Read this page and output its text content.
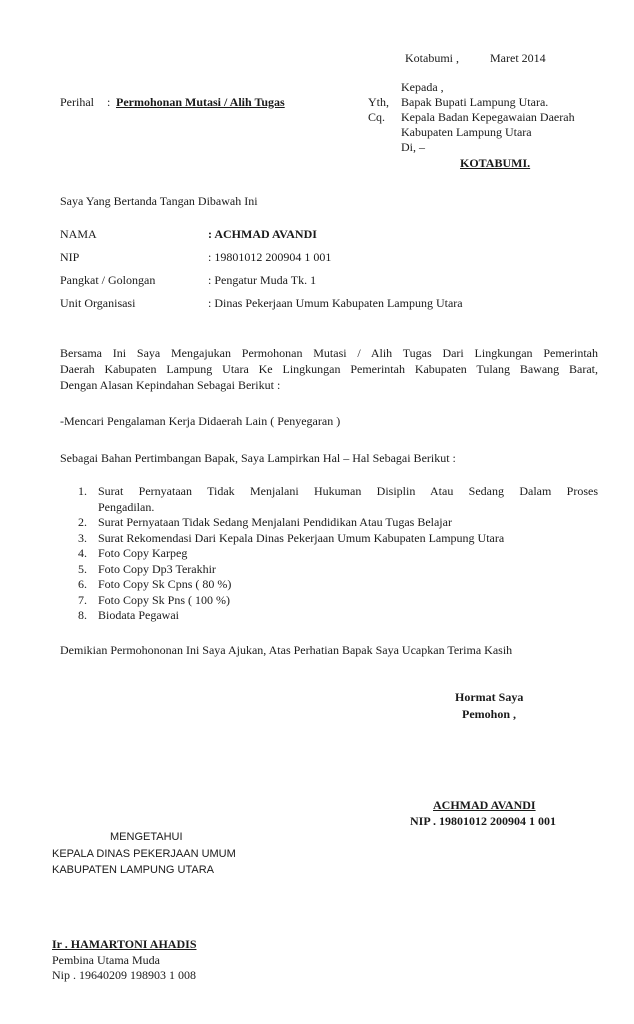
Kotabumi ,	Maret 2014
Kepada ,
Perihal : Permohonan Mutasi / Alih Tugas	Yth, Bapak Bupati Lampung Utara.
Cq. Kepala Badan Kepegawaian Daerah
Kabupaten Lampung Utara
Di, –
KOTABUMI.
Saya Yang Bertanda Tangan Dibawah Ini
NAMA	: ACHMAD AVANDI
NIP	: 19801012 200904 1 001
Pangkat / Golongan	: Pengatur Muda Tk. 1
Unit Organisasi	: Dinas Pekerjaan Umum Kabupaten Lampung Utara
Bersama Ini Saya Mengajukan Permohonan Mutasi / Alih Tugas Dari Lingkungan Pemerintah
Daerah Kabupaten Lampung Utara Ke Lingkungan Pemerintah Kabupaten Tulang Bawang Barat,
Dengan Alasan Kepindahan Sebagai Berikut :
-Mencari Pengalaman Kerja Didaerah Lain ( Penyegaran )
Sebagai Bahan Pertimbangan Bapak, Saya Lampirkan Hal – Hal Sebagai Berikut :
1. Surat Pernyataan Tidak Menjalani Hukuman Disiplin Atau Sedang Dalam Proses
Pengadilan.
2. Surat Pernyataan Tidak Sedang Menjalani Pendidikan Atau Tugas Belajar
3. Surat Rekomendasi Dari Kepala Dinas Pekerjaan Umum Kabupaten Lampung Utara
4. Foto Copy Karpeg
5. Foto Copy Dp3 Terakhir
6. Foto Copy Sk Cpns ( 80 %)
7. Foto Copy Sk Pns ( 100 %)
8. Biodata Pegawai
Demikian Permohononan Ini Saya Ajukan, Atas Perhatian Bapak Saya Ucapkan Terima Kasih
Hormat Saya
Pemohon ,
ACHMAD AVANDI
NIP . 19801012 200904 1 001
MENGETAHUI
KEPALA DINAS PEKERJAAN UMUM
KABUPATEN LAMPUNG UTARA
Ir . HAMARTONI AHADIS
Pembina Utama Muda
Nip . 19640209 198903 1 008
